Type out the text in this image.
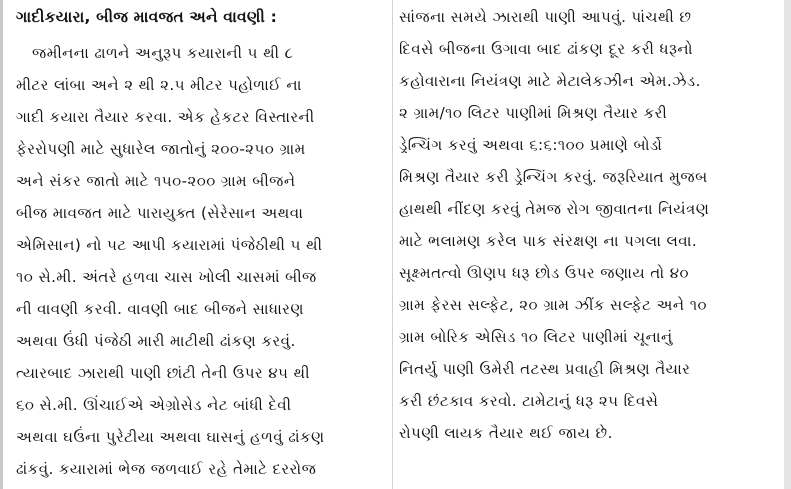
ગાદીકયારા, બીજ માવજત અને વાવણી :
જમીનના ઢાળને અનુરૂપ કયારાની ૫ થી ૮
મીટર લાંબા અને ૨ થી ૨.૫ મીટર પહોળાઈ ના
ગાદી કયારા તૈયાર કરવા. એક હેકટર વિસ્તારની
ફેરરોપણી માટે સુધારેલ જાતોનું ૨૦૦-૨૫૦ ગ્રામ
અને સંકર જાતો માટે ૧૫૦-૨૦૦ ગ્રામ બીજને
બીજ માવજત માટે પારાયુક્ત (સેરેસાન અથવા
એમિસાન) નો ૫ટ આપી કયારામાં પંજેઠીથી ૫ થી
૧૦ સે.મી. અંતરે હળવા ચાસ ખોલી ચાસમાં બીજ
ની વાવણી કરવી. વાવણી બાદ બીજને સાધારણ
અથવા ઉંધી પંજેઠી મારી માટીથી ઢાંકણ કરવું.
ત્યારબાદ ઝારાથી પાણી છાંટી તેની ઉપર ૪૫ થી
૬૦ સે.મી. ઊંચાઈએ એગ્રોસેડ નેટ બાંધી દેવી
અથવા ઘઉંના પુરેટીયા અથવા ઘાસનું હળવું ઢાંકણ
ઢાંકવું. કયારામાં ભેજ જળવાઈ રહે તેમાટે દરરોજ
સાંજના સમયે ઝારાથી પાણી આપવું. પાંચથી છ
દિવસે બીજના ઉગાવા બાદ ઢાંકણ દૂર કરી ધરૂનો
કહોવારાના નિયંત્રણ માટે મેટાલેકઝીન એમ.ઝેડ.
૨ ગ્રામ/૧૦ લિટર પાણીમાં મિશ્રણ તૈયાર કરી
ડ્રેન્ચિંગ કરવું અથવા ૬:૬:૧૦૦ પ્રમાણે બોર્ડો
મિશ્રણ તૈયાર કરી ડ્રેન્ચિંગ કરવું. જરૂરિયાત મુજબ
હાથથી નીંદણ કરવું તેમજ રોગ જીવાતના નિયંત્રણ
માટે ભલામણ કરેલ પાક સંરક્ષણ ના પગલા લવા.
સૂક્ષ્મતત્વો ઊણપ ધરૂ છોડ ઉપર જણાય તો ૪૦
ગ્રામ ફેરસ સલ્ફેટ, ૨૦ ગ્રામ ઝીંક સલ્ફેટ અને ૧૦
ગ્રામ બોરિક એસિડ ૧૦ લિટર પાણીમાં ચૂનાનું
નિતર્યુ પાણી ઉમેરી તટસ્થ પ્રવાહી મિશ્રણ તૈયાર
કરી છંટકાવ કરવો. ટામેટાનું ધરૂ ૨૫ દિવસે
રોપણી લાયક તૈયાર થઈ જાય છે.
